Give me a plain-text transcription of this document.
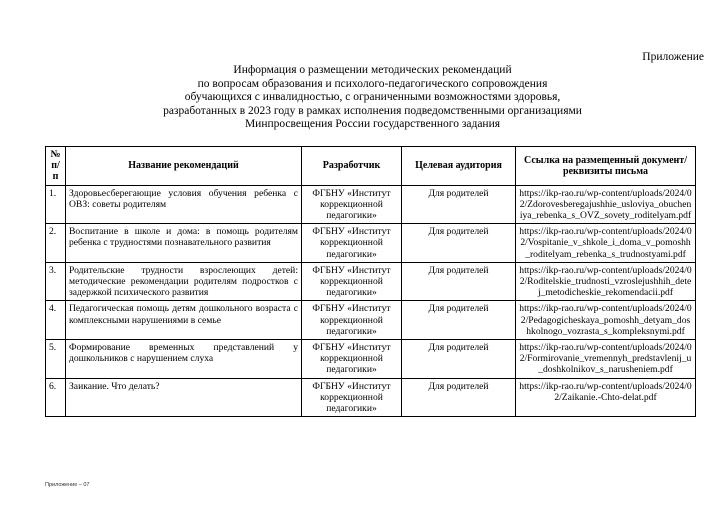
Приложение
Информация о размещении методических рекомендаций
по вопросам образования и психолого-педагогического сопровождения
обучающихся с инвалидностью, с ограниченными возможностями здоровья,
разработанных в 2023 году в рамках исполнения подведомственными организациями
Минпросвещения России государственного задания
№ п/п	Название рекомендаций	Разработчик	Целевая аудитория	Ссылка на размещенный документ/ реквизиты письма
1.	Здоровьесберегающие условия обучения ребенка с ОВЗ: советы родителям	ФГБНУ «Институт коррекционной педагогики»	Для родителей	https://ikp-rao.ru/wp-content/uploads/2024/02/Zdorovesberegajushhie_usloviya_obucheniya_rebenka_s_OVZ_sovety_roditelyam.pdf
2.	Воспитание в школе и дома: в помощь родителям ребенка с трудностями познавательного развития	ФГБНУ «Институт коррекционной педагогики»	Для родителей	https://ikp-rao.ru/wp-content/uploads/2024/02/Vospitanie_v_shkole_i_doma_v_pomoshh_roditelyam_rebenka_s_trudnostyami.pdf
3.	Родительские трудности взрослеющих детей: методические рекомендации родителям подростков с задержкой психического развития	ФГБНУ «Институт коррекционной педагогики»	Для родителей	https://ikp-rao.ru/wp-content/uploads/2024/02/Roditelskie_trudnosti_vzroslejushhih_detej_metodicheskie_rekomendacii.pdf
4.	Педагогическая помощь детям дошкольного возраста с комплексными нарушениями в семье	ФГБНУ «Институт коррекционной педагогики»	Для родителей	https://ikp-rao.ru/wp-content/uploads/2024/02/Pedagogicheskaya_pomoshh_detyam_doshkolnogo_vozrasta_s_kompleksnymi.pdf
5.	Формирование временных представлений у дошкольников с нарушением слуха	ФГБНУ «Институт коррекционной педагогики»	Для родителей	https://ikp-rao.ru/wp-content/uploads/2024/02/Formirovanie_vremennyh_predstavlenij_u_doshkolnikov_s_narusheniem.pdf
6.	Заикание. Что делать?	ФГБНУ «Институт коррекционной педагогики»	Для родителей	https://ikp-rao.ru/wp-content/uploads/2024/02/Zaikanie.-Chto-delat.pdf
Приложение – 07
